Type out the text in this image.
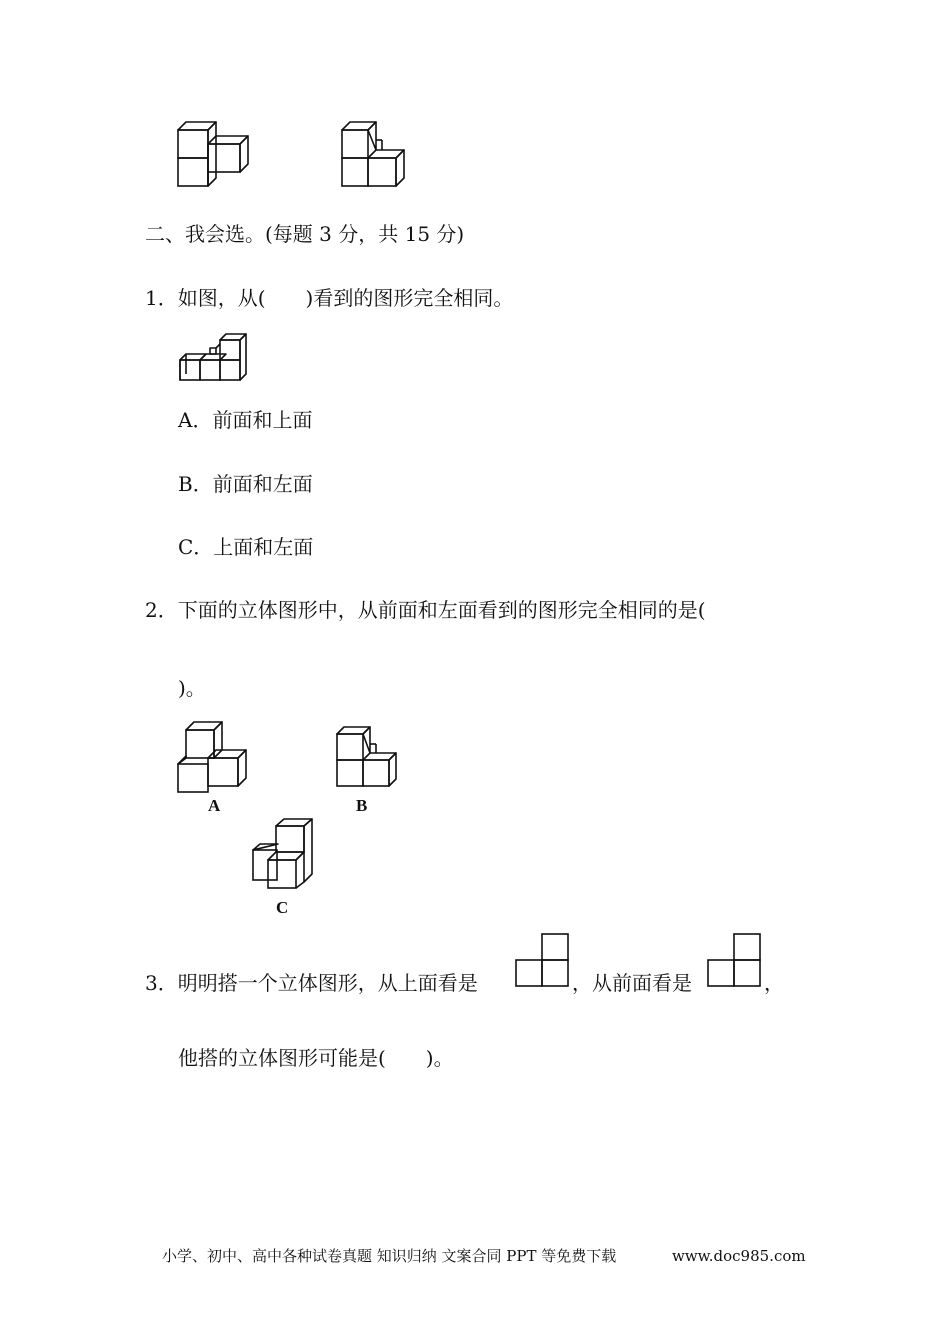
二、我会选。(每题 3 分，共 15 分)
1．如图，从(　　)看到的图形完全相同。
A．前面和上面
B．前面和左面
C．上面和左面
2．下面的立体图形中，从前面和左面看到的图形完全相同的是(
)。
A	B
C
3．明明搭一个立体图形，从上面看是	，从前面看是	，
他搭的立体图形可能是(　　)。
小学、初中、高中各种试卷真题 知识归纳 文案合同 PPT 等免费下载	www.doc985.com
